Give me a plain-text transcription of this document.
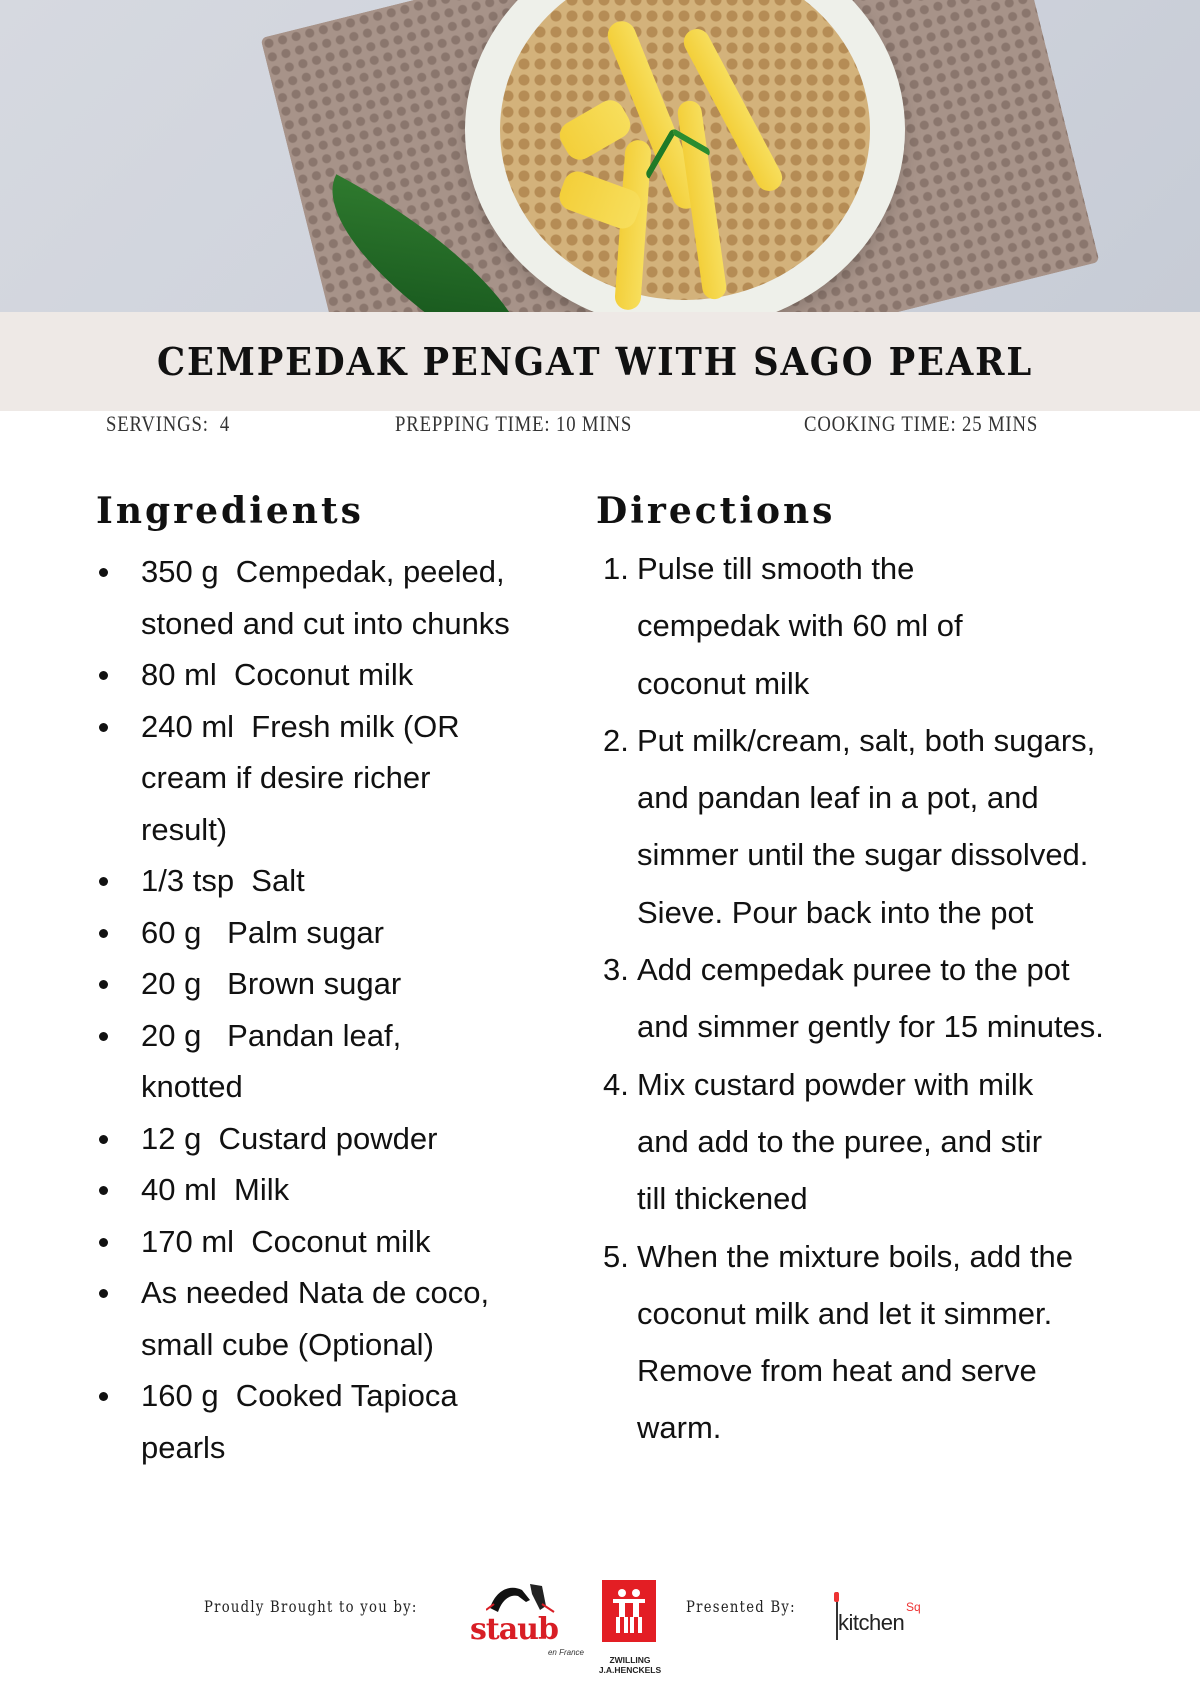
CEMPEDAK PENGAT WITH SAGO PEARL
SERVINGS: 4	PREPPING TIME: 10 MINS	COOKING TIME: 25 MINS
Ingredients
350 g  Cempedak, peeled, stoned and cut into chunks
80 ml  Coconut milk
240 ml  Fresh milk (OR cream if desire richer result)
1/3 tsp  Salt
60 g   Palm sugar
20 g   Brown sugar
20 g   Pandan leaf, knotted
12 g  Custard powder
40 ml  Milk
170 ml  Coconut milk
As needed Nata de coco, small cube (Optional)
160 g  Cooked Tapioca pearls
Directions
1. Pulse till smooth the cempedak with 60 ml of coconut milk
2. Put milk/cream, salt, both sugars, and pandan leaf in a pot, and simmer until the sugar dissolved. Sieve. Pour back into the pot
3. Add cempedak puree to the pot and simmer gently for 15 minutes.
4. Mix custard powder with milk and add to the puree, and stir till thickened
5. When the mixture boils, add the coconut milk and let it simmer. Remove from heat and serve warm.
Proudly Brought to you by:
staub
en France
ZWILLING
J.A.HENCKELS
Presented By:
kitchen
Sq
